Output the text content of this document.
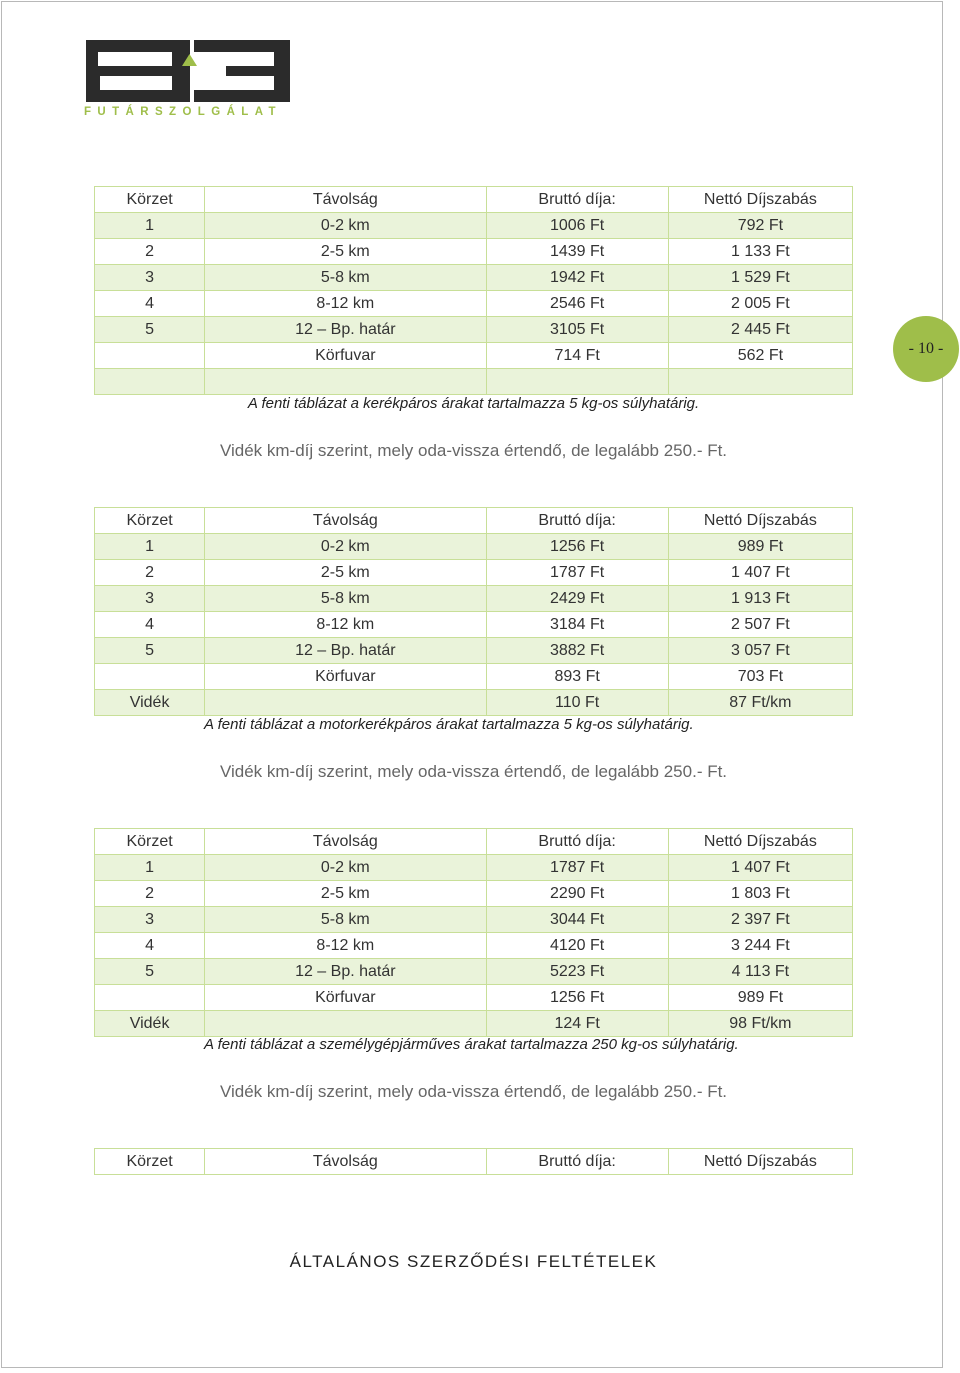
FUTÁRSZOLGÁLAT
- 10 -
Körzet	Távolság	Bruttó díja:	Nettó Díjszabás
1	0-2 km	1006 Ft	792 Ft
2	2-5 km	1439 Ft	1 133 Ft
3	5-8 km	1942 Ft	1 529 Ft
4	8-12 km	2546 Ft	2 005 Ft
5	12 – Bp. határ	3105 Ft	2 445 Ft
	Körfuvar	714 Ft	562 Ft

A fenti táblázat a kerékpáros árakat tartalmazza 5 kg-os súlyhatárig.
Vidék km-díj szerint, mely oda-vissza értendő, de legalább 250.- Ft.
Körzet	Távolság	Bruttó díja:	Nettó Díjszabás
1	0-2 km	1256 Ft	989 Ft
2	2-5 km	1787 Ft	1 407 Ft
3	5-8 km	2429 Ft	1 913 Ft
4	8-12 km	3184 Ft	2 507 Ft
5	12 – Bp. határ	3882 Ft	3 057 Ft
	Körfuvar	893 Ft	703 Ft
Vidék		110 Ft	87 Ft/km
A fenti táblázat a motorkerékpáros árakat tartalmazza 5 kg-os súlyhatárig.
Vidék km-díj szerint, mely oda-vissza értendő, de legalább 250.- Ft.
Körzet	Távolság	Bruttó díja:	Nettó Díjszabás
1	0-2 km	1787 Ft	1 407 Ft
2	2-5 km	2290 Ft	1 803 Ft
3	5-8 km	3044 Ft	2 397 Ft
4	8-12 km	4120 Ft	3 244 Ft
5	12 – Bp. határ	5223 Ft	4 113 Ft
	Körfuvar	1256 Ft	989 Ft
Vidék		124 Ft	98 Ft/km
A fenti táblázat a személygépjárműves árakat tartalmazza 250 kg-os súlyhatárig.
Vidék km-díj szerint, mely oda-vissza értendő, de legalább 250.- Ft.
Körzet	Távolság	Bruttó díja:	Nettó Díjszabás
ÁLTALÁNOS SZERZŐDÉSI FELTÉTELEK
